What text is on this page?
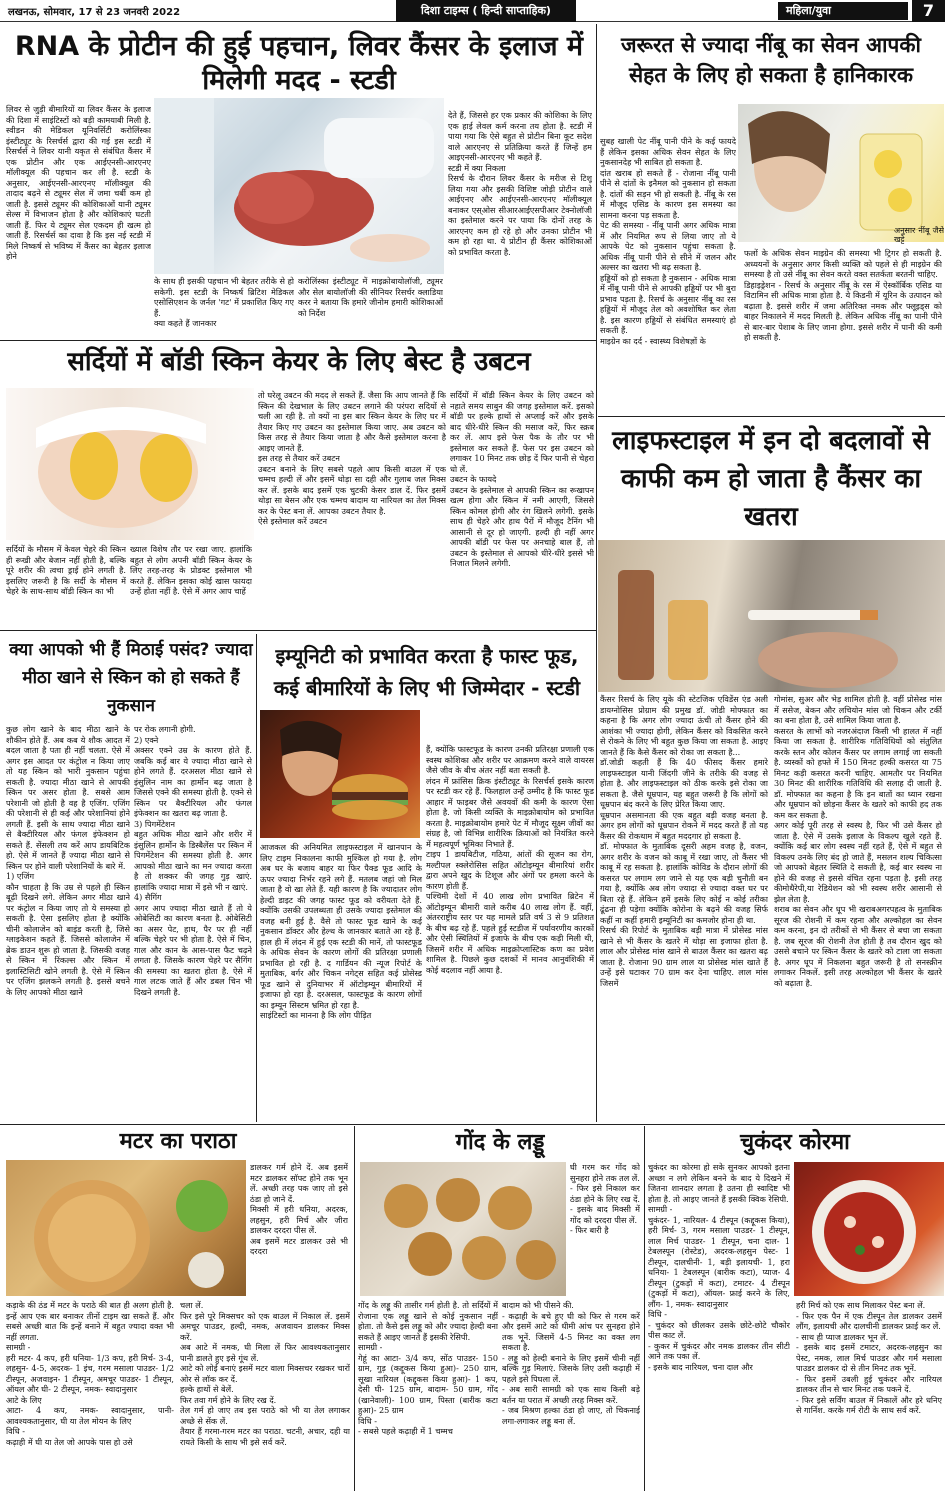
लखनऊ, सोमवार, 17 से 23 जनवरी 2022	दिशा टाइम्स ( हिन्दी साप्ताहिक)	महिला/युवा	7
RNA के प्रोटीन की हुई पहचान, लिवर कैंसर के इलाज में मिलेगी मदद - स्टडी
लिवर से जुड़ी बीमारियों या लिवर कैंसर के इलाज की दिशा में साइंटिस्टों को बड़ी कामयाबी मिली है. स्वीडन की मेडिकल यूनिवर्सिटी करोलिंस्का इंस्टीट्यूट के रिसर्चर्स द्वारा की गई इस स्टडी में रिसर्चर्स ने लिवर यानी यकृत से संबंधित कैंसर में एक प्रोटीन और एक आईएनसी-आरएनए मॉलीक्यूल की पहचान कर ली है. स्टडी के अनुसार, आईएनसी-आरएनए मॉलीक्यूल की तादाद बढ़ने से ट्यूमर सेल में जमा चर्बी कम हो जाती है. इससे ट्यूमर की कोशिकाओं यानी ट्यूमर सेल्स में विभाजन होता है और कोशिकाएं घटती जाती हैं. फिर ये ट्यूमर सेल एकदम ही खत्म हो जाती हैं. रिसर्चर्स का दावा है कि इस नई स्टडी में मिले निष्कर्ष से भविष्य में कैंसर का बेहतर इलाज होने
के साथ ही इसकी पहचान भी बेहतर तरीके से हो सकेगी. इस स्टडी के निष्कर्ष ब्रिटिश मेडिकल एसोसिएशन के जर्नल 'गट' में प्रकाशित किए गए हैं.
क्या कहते हैं जानकार
करोलिंस्का इंस्टीट्यूट में माइक्रोबायोलॉजी, ट्यूमर और सेल बायोलॉजी की सीनियर रिसर्चर क्लाडिया करर ने बताया कि हमारे जीनोम हमारी कोशिकाओं को निर्देश
देते हैं, जिससे हर एक प्रकार की कोशिका के लिए एक हाई लेवल कर्म करना तय होता है. स्टडी में पाया गया कि ऐसे बहुत से प्रोटीन बिना कूट सदेश वाले आरएनए से प्रतिक्रिया करते हैं जिन्हें हम आइएनसी-आरएनए भी कहते हैं.
स्टडी में क्या निकला
रिसर्च के दौरान लिवर कैंसर के मरीज से टिशू लिया गया और इसकी विशिष्ट जोड़ी प्रोटीन वाले आईएनए और आईएनसी-आरएनए मॉलीक्यूल बनाकर एस्ओस सीआरआईएसपीआर टेक्नोलॉजी का इस्तेमाल करने पर पाया कि दोनों तरह के आरएनए कम हो रहे हो और उनका प्रोटीन भी कम हो रहा था. ये प्रोटीन ही कैंसर कोशिकाओं को प्रभावित करता है.
जरूरत से ज्यादा नींबू का सेवन आपकी सेहत के लिए हो सकता है हानिकारक
सुबह खाली पेट नींबू पानी पीने के कई फायदे हैं लेकिन इसका अधिक सेवन सेहत के लिए नुकसानदेह भी साबित हो सकता है.
दांत खराब हो सकते हैं - रोजाना नींबू पानी पीने से दांतों के इनैमल को नुकसान हो सकता है. दांतों की सड़न भी हो सकती है. नींबू के रस में मौजूद एसिड के कारण इस समस्या का सामना करना पड़ सकता है.
पेट की समस्या - नींबू पानी अगर अधिक मात्रा में और नियमित रूप से लिया जाए तो ये आपके पेट को नुकसान पहुंचा सकता है. अधिक नींबू पानी पीने से सीने में जलन और अल्सर का खतरा भी बढ़ सकता है.
हड्डियों को हो सकता है नुकसान - अधिक मात्रा में नींबू पानी पीने से आपकी हड्डियों पर भी बुरा प्रभाव पड़ता है. रिसर्च के अनुसार नींबू का रस हड्डियों में मौजूद तेल को अवशोषित कर लेता है. इस कारण हड्डियों से संबंधित समस्याएं हो सकती हैं.
माइग्रेन का दर्द - स्वास्थ्य विशेषज्ञों के
अनुसार नींबू जैसे खट्टे
फलों के अधिक सेवन माइग्रेन की समस्या भी ट्रिगर हो सकती है. अध्ययनों के अनुसार अगर किसी व्यक्ति को पहले से ही माइग्रेन की समस्या है तो उसे नींबू का सेवन करते वक्त सतर्कता बरतनी चाहिए.
डिहाइड्रेशन - रिसर्च के अनुसार नींबू के रस में ऐस्कॉर्बिक एसिड या विटामिन सी अधिक मात्रा होता है. ये किडनी में यूरिन के उत्पादन को बढ़ाता है. इससे शरीर में जमा अतिरिक्त नमक और फ्लूइड्स को बाहर निकालने में मदद मिलती है. लेकिन अधिक नींबू का पानी पीने से बार-बार पेशाब के लिए जाना होगा. इससे शरीर में पानी की कमी हो सकती है.
सर्दियों में बॉडी स्किन केयर के लिए बेस्ट है उबटन
सर्दियों के मौसम में केवल चेहरे की स्किन ही रूखी और बेजान नहीं होती है, बल्कि पूरे शरीर की त्वचा ड्राई होने लगती है. इसलिए जरूरी है कि सर्दी के मौसम में चेहरे के साथ-साथ बॉडी स्किन का भी
ख्याल विशेष तौर पर रखा जाए. हालांकि बहुत से लोग अपनी बॉडी स्किन केयर के लिए तरह-तरह के प्रोडक्ट इस्तेमाल भी करते हैं. लेकिन इसका कोई खास फायदा उन्हें होता नहीं है. ऐसे में अगर आप चाहें
तो घरेलू उबटन की मदद ले सकते हैं. जैसा कि आप जानते हैं कि स्किन की देखभाल के लिए उबटन लगाने की परंपरा सदियों से चली आ रही है. तो क्यों ना इस बार स्किन केयर के लिए घर में तैयार किए गए उबटन का इस्तेमाल किया जाए. अब उबटन को किस तरह से तैयार किया जाता है और कैसे इस्तेमाल करना है आइए जानते हैं.
इस तरह से तैयार करें उबटन
उबटन बनाने के लिए सबसे पहले आप किसी बाउल में एक चम्मच हल्दी लें और इसमें थोड़ा सा दही और गुलाब जल मिक्स कर लें. इसके बाद इसमें एक चुटकी केसर डाल दें. फिर इसमें थोड़ा सा बेसन और एक चम्मच बादाम या नारियल का तेल मिक्स कर के पेस्ट बना लें. आपका उबटन तैयार है.
ऐसे इस्तेमाल करें उबटन
सर्दियों में बॉडी स्किन केयर के लिए उबटन को नहाते समय साबुन की जगह इस्तेमाल करें. इसको बॉडी पर हल्के हाथों से अप्लाई करें और इसके बाद धीरे-धीरे स्किन की मसाज करें, फिर स्क्रब कर लें. आप इसे फेस पैक के तौर पर भी इस्तेमाल कर सकते हैं. फेस पर इस उबटन को लगाकर 10 मिनट तक छोड़ दें फिर पानी से चेहरा धो लें.
उबटन के फायदे
उबटन के इस्तेमाल से आपकी स्किन का रूखापन खत्म होगा और स्किन में नमी आएगी, जिससे स्किन कोमल होगी और रंग खिलने लगेगी. इसके साथ ही चेहरे और हाथ पैरों में मौजूद टैनिंग भी आसानी से दूर हो जाएगी. हल्दी ही नहीं अगर आपकी बॉडी पर फेस पर अनचाहे बाल हैं, तो उबटन के इस्तेमाल से आपको धीरे-धीरे इससे भी निजात मिलने लगेगी.
लाइफस्टाइल में इन दो बदलावों से काफी कम हो जाता है कैंसर का खतरा
कैंसर रिसर्च के लिए यूके की स्टेटजिक एविडेंस एंड अली डायग्नोसिस प्रोग्राम की प्रमुख डॉ. जोडी मोफ्फात का कहना है कि अगर लोग ज्यादा ऊंची तो कैंसर होने की आशंका भी ज्यादा होगी, लेकिन कैंसर को विकसित करने से रोकने के लिए भी बहुत कुछ किया जा सकता है. आइए जानते हैं कि कैसे कैंसर को रोका जा सकता है...
डॉ.जोडी कहती हैं कि 40 फीसद कैंसर हमारे लाइफस्टाइल यानी जिंदगी जीने के तरीके की वजह से होता है. और लाइफस्टाइल को ठीक करके इसे रोका जा सकता है. जैसे धूम्रपान, यह बहुत जरूरी है कि लोगों को धूम्रपान बंद करने के लिए प्रेरित किया जाए.
धूम्रपान असमानता की एक बहुत बड़ी वजह बनता है. अगर हम लोगों को धूम्रपान रोकने में मदद करते हैं तो यह कैंसर की रोकथाम में बहुत मददगार हो सकता है.
डॉ. मोफ्फात के मुताबिक दूसरी अहम वजह है, वजन, अगर शरीर के वजन को काबू में रखा जाए, तो कैंसर भी काबू में रह सकता है. हालांकि कोविड के दौरान लोगों की कसरत पर लगाम लग जाने से यह एक बड़ी चुनौती बन गया है, क्योंकि अब लोग ज्यादा से ज्यादा वक्त घर पर बिता रहे हैं. लेकिन हमें इसके लिए कोई न कोई तरीका ढूंढना ही पड़ेगा क्योंकि कोरोना के बढ़ने की वजह सिर्फ कहीं ना कहीं हमारी इम्यूनिटी का कमजोर होना ही था.
रिसर्च की रिपोर्ट के मुताबिक बड़ी मात्रा में प्रोसेस्ड मांस खाने से भी कैंसर के खतरे में थोड़ा सा इजाफा होता है. लाल और प्रोसेस्ड मांस खाने से बाउल कैंसर का खतरा बढ़ जाता है. रोजाना 90 ग्राम लाल या प्रोसेस्ड मांस खाते हैं उन्हें इसे घटाकर 70 ग्राम कर देना चाहिए. लाल मांस जिसमें
गोमांस, सुअर और भेड़ शामिल होती है. वहीं प्रोसेस्ड मांस में ससेज, बेकन और लचियोन मांस जो चिकन और टर्की का बना होता है, उसे शामिल किया जाता है.
कसरत के लाभों को नजरअंदाज किसी भी हालत में नहीं किया जा सकता है. शारीरिक गतिविधियों को संतुलित करके स्तन और कोलन कैंसर पर लगाम लगाई जा सकती है. व्यस्कों को हफ्ते में 150 मिनट हल्की कसरत या 75 मिनट कड़ी कसरत करनी चाहिए. आमतौर पर नियमित 30 मिनट की शारीरिक गतिविधि की सलाह दी जाती है. डॉ. मोफ्फात का कहना है कि इन बातों का ध्यान रखना और धूम्रपान को छोड़ना कैंसर के खतरे को काफी हद तक कम कर सकता है.
अगर कोई पूरी तरह से स्वस्थ है, फिर भी उसे कैंसर हो जाता है. ऐसे में उसके इलाज के विकल्प खुले रहते हैं. क्योंकि कई बार लोग स्वस्थ नहीं रहते हैं, ऐसे में बहुत से विकल्प उनके लिए बंद हो जाते हैं, मसलन शल्य चिकित्सा जो आपको बेहतर स्थिति दे सकती है, कई बार स्वस्थ ना होने की वजह से इससे वंचित रहना पड़ता है. इसी तरह कीमोथैरेपी,या रेडियेशन को भी स्वस्थ शरीर आसानी से झेल लेता है.
शराब का सेवन और धूप भी खराबअगरपहत्व के मुताबिक सूरज की रोशनी में कम रहना और अल्कोहल का सेवन कम करना, इन दो तरीकों से भी कैंसर से बचा जा सकता है. जब सूरज की रोशनी तेज होती है तब दौरान खुद को उससे बचाने पर स्किन कैंसर के खतरे को टाला जा सकता है. अगर धूप में निकलना बहुत जरूरी है तो सनस्क्रीन लगाकर निकलें. इसी तरह अल्कोहल भी कैंसर के खतरे को बढ़ाता है.
क्या आपको भी हैं मिठाई पसंद? ज्यादा मीठा खाने से स्किन को हो सकते हैं नुकसान
कुछ लोग खाने के बाद मीठा खाने के शौकीन होते हैं. अब कब ये शौक आदत में बदल जाता है पता ही नहीं चलता. ऐसे में अगर इस आदत पर कंट्रोल न किया जाए तो यह स्किन को भारी नुकसान पहुंचा सकती है. ज्यादा मीठा खाने से आपकी स्किन पर असर होता है. सबसे आम परेशानी जो होती है वह है एजिंग. एजिंग की परेशानी से ही कई और परेशानियां होने लगती हैं. इसी के साथ ज्यादा मीठा खाने से बैक्टीरियल और फंगल इंफेक्शन हो सकते हैं. सेंसली तय करें आप डायबिटिक हो. ऐसे में जानते हैं ज्यादा मीठा खाने से स्किन पर होने वाली परेशानियों के बारे में.
1) एजिंग
कौन चाहता है कि उम्र से पहले ही स्किन बूढ़ी दिखने लगे. लेकिन अगर मीठा खाने पर कंट्रोल न किया जाए तो ये समस्या हो सकती है. ऐसा इसलिए होता है क्योंकि चीनी कोलाजेन को बाइंड करती है, जिसे ग्लाइकेशन कहते हैं. जिससे कोलाजेन में ब्रेक डाउन शुरू हो जाता है. जिसकी वजह से स्किन में रिंकल्स और स्किन में इलास्टिसिटी खोने लगती है. ऐसे में स्किन पर एजिंग झलकने लगती है. इससे बचने के लिए आपको मीठा खाने
पर रोक लगानी होगी.
2) एक्ने
अक्सर एक्ने उम्र के कारण होते हैं. जबकि कई बार ये ज्यादा मीठा खाने से होने लगते हैं. दरअसल मीठा खाने से इंसुलिन नाम का हार्मोन बढ़ जाता है जिससे एक्ने की समस्या होती है. एक्ने से स्किन पर बैक्टीरियल और फंगल इंफेक्शन का खतरा बढ़ जाता है.
3) पिगमेंटेशन
बहुत अधिक मीठा खाने और शरीर में इंसुलिन हार्मोन के डिस्बैलेंस पर स्किन में पिगमेंटेशन की समस्या होती है. अगर आपको मीठा खाने का मन ज्यादा करता है तो शक्कर की जगह गुड़ खाएं. हालांकि ज्यादा मात्रा में इसे भी न खाएं.
4) सैगिंग
अगर आप ज्यादा मीठा खाते हैं तो ये ओबेसिटी का कारण बनता है. ओबेसिटी का असर पेट, हाथ, पैर पर ही नहीं बल्कि चेहरे पर भी होता है. ऐसे में चिन, गाल और कान के आस-पास फैट चढ़ने लगता है. जिसके कारण चेहरे पर सैगिंग की समस्या का खतरा होता है. ऐसे में गाल लटक जाते हैं और डबल चिन भी दिखने लगती है.
इम्यूनिटी को प्रभावित करता है फास्ट फूड, कई बीमारियों के लिए भी जिम्मेदार - स्टडी
आजकल की अनियमित लाइफस्टाइल में खानपान के लिए टाइम निकालना काफी मुश्किल हो गया है. लोग अब घर के बजाय बाहर या फिर पैक्ड फूड आदि के ऊपर ज्यादा निर्भर रहने लगे हैं. मतलब जहां जो मिल जाता है वो खा लेते हैं. यही कारण है कि ज्यादातर लोग हेल्दी डाइट की जगह फास्ट फूड को वरीयता देते हैं. क्योंकि उसकी उपलब्धता ही उसके ज्यादा इस्तेमाल की वजह बनी हुई है. वैसे तो फास्ट फूड खाने के कई नुकसान डॉक्टर और हेल्थ के जानकार बताते आ रहे हैं. हाल ही में लंदन में हुई एक स्टडी की मानें, तो फास्टफूड के अधिक सेवन के कारण लोगों की प्रतिरक्षा प्रणाली प्रभावित हो रही है. द गार्डियन की न्यूज रिपोर्ट के मुताबिक, बर्गर और चिकन नगेट्स सहित कई प्रोसेस्ड फूड खाने से दुनियाभर में ऑटोइम्यून बीमारियों में इजाफा हो रहा है. दरअसल, फास्टफूड के कारण लोगों का इम्यून सिस्टम भ्रमित हो रहा है.
साइंटिस्टों का मानना है कि लोग पीड़ित
हैं, क्योंकि फास्टफूड के कारण उनकी प्रतिरक्षा प्रणाली एक स्वस्थ कोशिका और शरीर पर आक्रमण करने वाले वायरस जैसे जीव के बीच अंतर नहीं बता सकती है.
लंदन में फ्रांसिस क्रिक इंस्टीट्यूट के रिसर्चर्स इसके कारण पर स्टडी कर रहे हैं. फिलहाल उन्हें उम्मीद है कि फास्ट फूड आहार में फाइबर जैसे अवयवों की कमी के कारण ऐसा होता है. जो किसी व्यक्ति के माइक्रोबायोम को प्रभावित करता है. माइक्रोबायोम हमारे पेट में मौजूद सूक्ष्म जीवों का संग्रह है, जो विभिन्न शारीरिक क्रियाओं को नियंत्रित करने में महत्वपूर्ण भूमिका निभाते हैं.
टाइप 1 डायबिटीज, गठिया, आंतों की सूजन का रोग, मल्टीपल स्क्लेरोसिस सहित ऑटोइम्यून बीमारियां शरीर द्वारा अपने खुद के टिशूज और अंगों पर हमला करने के कारण होती हैं.
पश्चिमी देशों में 40 लाख लोग प्रभावित ब्रिटेन में ऑटोइम्यून बीमारी वाले करीब 40 लाख लोग हैं. वहीं, अंतरराष्ट्रीय स्तर पर यह मामले प्रति वर्ष 3 से 9 प्रतिशत के बीच बढ़ रहे हैं. पहले हुई स्टडीज में पर्यावरणीय कारकों और ऐसी स्थितियों में इजाफे के बीच एक कड़ी मिली थी, जिसमें शरीर में अधिक माइक्रोप्लास्टिक कण का प्रवेश शामिल है. पिछले कुछ दशकों में मानव आनुवंशिकी में कोई बदलाव नहीं आया है.
मटर का पराठा
डालकर गर्म होने दें. अब इसमें मटर डालकर सॉफ्ट होने तक भून लें. अच्छी तरह पक जाए तो इसे ठंडा हो जाने दें.
मिक्सी में हरी धनिया, अदरक, लहसुन, हरी मिर्च और जीरा डालकर दरदरा पीस लें.
अब इसमें मटर डालकर उसे भी दरदरा
कड़ाके की ठंड में मटर के पराठे की बात ही अलग होती है. इन्हें आप एक बार बनाकर तीनों टाइम खा सकते हैं. और सबसे अच्छी बात कि इन्हें बनाने में बहुत ज्यादा वक्त भी नहीं लगता.
सामग्री -
हरी मटर- 4 कप, हरी धनिया- 1/3 कप, हरी मिर्च- 3-4, लहसुन- 4-5, अदरक- 1 इंच, गरम मसाला पाउडर- 1/2 टीस्पून, अजवाइन- 1 टीस्पून, अमचूर पाउडर- 1 टीस्पून, ऑयल और घी- 2 टीस्पून, नमक- स्वादानुसार
आटे के लिए
आटा- 4 कप, नमक- स्वादानुसार, पानी- आवश्यकतानुसार, घी या तेल मोयन के लिए
विधि -
कढ़ाही में घी या तेल जो आपके पास हो उसे
चला लें.
फिर इसे पूरे मिक्सचर को एक बाउल में निकाल लें. इसमें अमचूर पाउडर, हल्दी, नमक, अजवायन डालकर मिक्स करें.
अब आटे में नमक, घी मिला लें फिर आवश्यकतानुसार पानी डालते हुए इसे गूंथ लें.
आटे को लोई बनाएं इसमें मटर वाला मिक्सचर रखकर चारों ओर से लॉक कर दें.
हल्के हाथों से बेलें.
फिर तवा गर्म होने के लिए रख दें.
तेल गर्म हो जाए तब इस पराठे को भी या तेल लगाकर अच्छे से सेंक लें.
तैयार हैं गरमा-गरम मटर का पराठा. चटनी, अचार, दही या रायते किसी के साथ भी इसे सर्व करें.
गोंद के लड्डू
घी गरम कर गोंद को सुनहरा होने तक तल लें.
- फिर इसे निकाल कर ठंडा होने के लिए रख दें.
- इसके बाद मिक्सी में गोंद को दरदरा पीस लें.
- फिर बारी है
गोंद के लड्डू की तासीर गर्म होती है. तो सर्दियों में रोजाना एक लड्डू खाने से कोई नुकसान नहीं होता. तो कैसे इस लड्डू को और ज्यादा हेल्दी बना सकते हैं आइए जानते हैं इसकी रेसिपी.
सामग्री -
गेहूं का आटा- 3/4 कप, सोंठ पाउडर- 150 ग्राम, गुड़ (कद्दूकस किया हुआ)- 250 ग्राम, सूखा नारियल (कद्दूकस किया हुआ)- 1 कप, देसी घी- 125 ग्राम, बादाम- 50 ग्राम, गोंद (खानेवाली)- 100 ग्राम, पिस्ता (बारीक कटा हुआ)- 25 ग्राम
विधि -
- सबसे पहले कढ़ाही में 1 चम्मच
बादाम को भी पीसने की.
- कढ़ाही के बचे हुए घी को फिर से गरम करें और इसमें आटे को धीमी आंच पर सुनहरा होने तक भूनें. जिसमें 4-5 मिनट का वक्त लग सकता है.
- लड्डू को हेल्दी बनाने के लिए इसमें चीनी नहीं बल्कि गुड़ मिलाएं. जिसके लिए उसी कढ़ाही में पहले इसे पिघला लें.
- अब सारी सामग्री को एक साथ किसी बड़े बर्तन या परात में अच्छी तरह मिक्स करें.
- जब मिश्रण हल्का ठंडा हो जाए, तो चिकनाई लगा-लगाकर लड्डू बना लें.
चुकंदर कोरमा
चुकंदर का कोरमा हो सके सुनकर आपको इतना अच्छा न लगे लेकिन बनने के बाद ये दिखने में जितना शानदार लगता है उतना ही स्वादिष्ट भी होता है. तो आइए जानते हैं इसकी क्विक रेसिपी.
सामग्री -
चुकंदर- 1, नारियल- 4 टीस्पून (कद्दूकस किया), हरी मिर्च- 3, गरम मसाला पाउडर- 1 टीस्पून, लाल मिर्च पाउडर- 1 टीस्पून, चना दाल- 1 टेबलस्पून (रोस्टेड), अदरक-लहसुन पेस्ट- 1 टीस्पून, दालचीनी- 1, बड़ी इलायची- 1, हरा धनिया- 1 टेबलस्पून (बारीक कटा), प्याज- 4 टीस्पून (टुकड़ों में कटा), टमाटर- 4 टीस्पून (टुकड़ों में कटा), ऑयल- फ्राई करने के लिए, लौंग- 1, नमक- स्वादानुसार
विधि -
- चुकंदर को छीलकर उसके छोटे-छोटे चौकोर पीस काट लें.
- कुकर में चुकंदर और नमक डालकर तीन सीटी आने तक पका लें.
- इसके बाद नारियल, चना दाल और
हरी मिर्च को एक साथ मिलाकर पेस्ट बना लें.
- फिर एक पैन में एक टीस्पून तेल डालकर उसमें लौंग, इलायची और दालचीनी डालकर फ्राई कर लें.
- साथ ही प्याज डालकर भून लें.
- इसके बाद इसमें टमाटर, अदरक-लहसुन का पेस्ट, नमक, लाल मिर्च पाउडर और गर्म मसाला पाउडर डालकर दो से तीन मिनट तक भूनें.
- फिर इसमें उबली हुई चुकंदर और नारियल डालकर तीन से चार मिनट तक पकने दें.
- फिर इसे सर्विंग बाउल में निकालें और हरे धनिए से गार्निश. करके गर्म रोटी के साथ सर्व करें.
